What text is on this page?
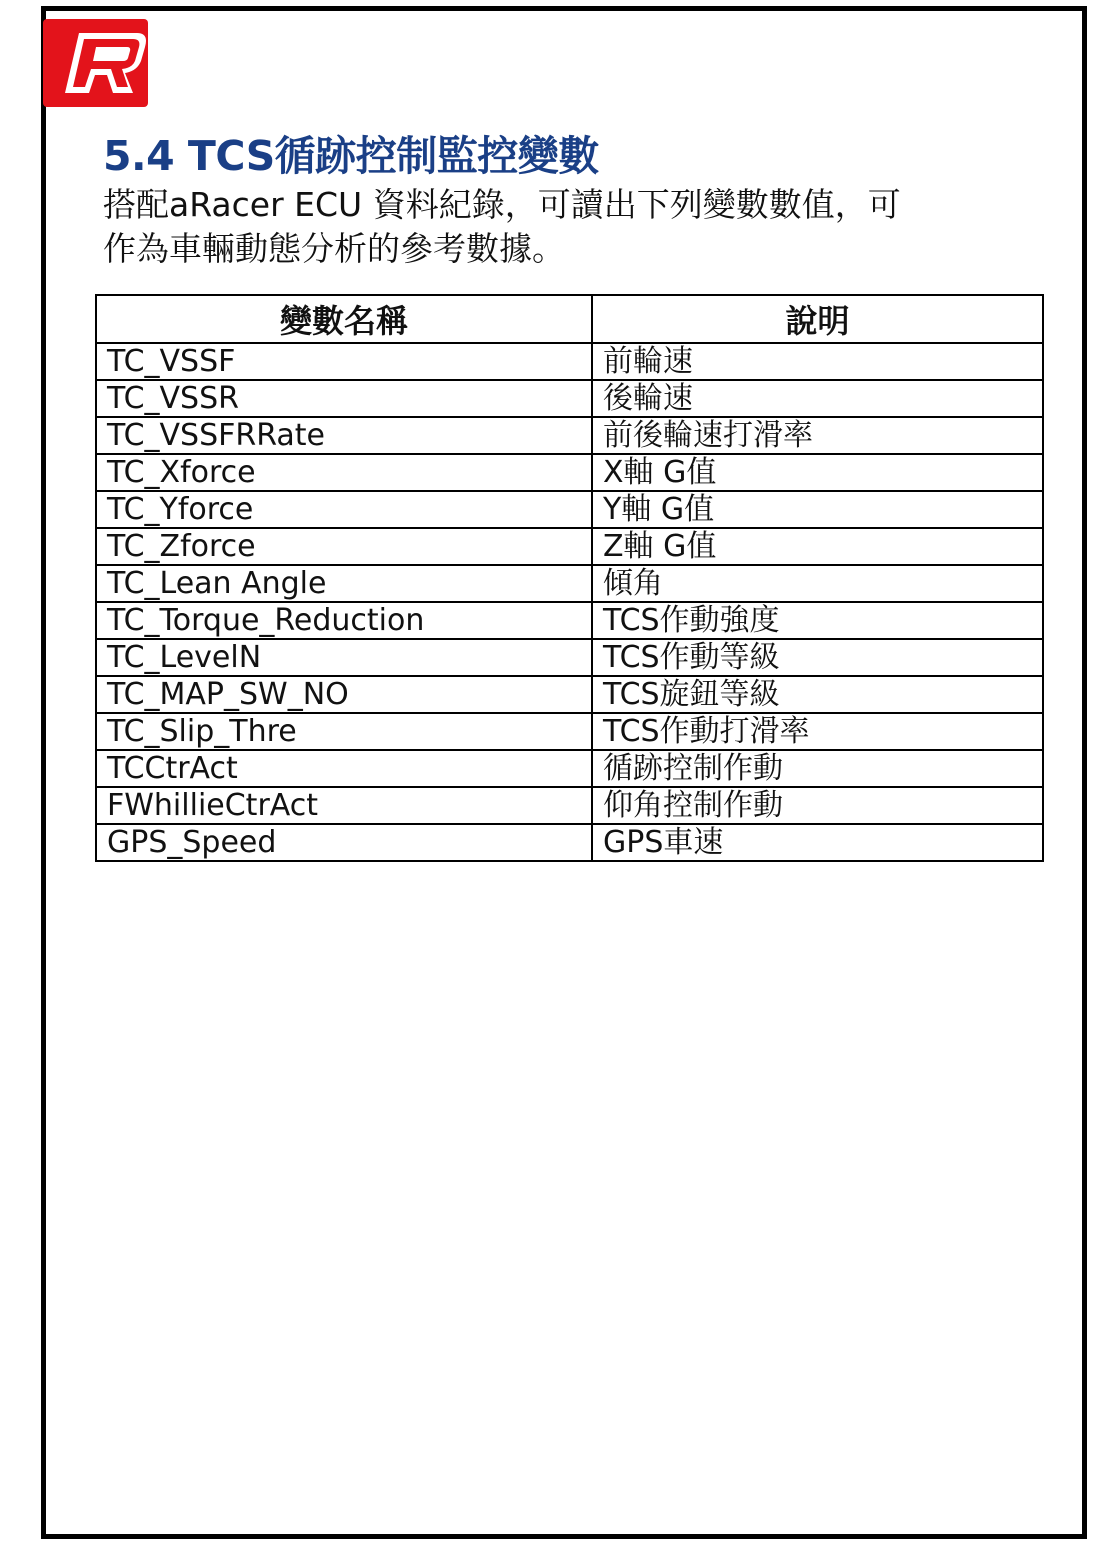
5.4 TCS循跡控制監控變數

搭配aRacer ECU 資料紀錄，可讀出下列變數數值，可
作為車輛動態分析的參考數據。

變數名稱	說明
TC_VSSF	前輪速
TC_VSSR	後輪速
TC_VSSFRRate	前後輪速打滑率
TC_Xforce	X軸 G值
TC_Yforce	Y軸 G值
TC_Zforce	Z軸 G值
TC_Lean Angle	傾角
TC_Torque_Reduction	TCS作動強度
TC_LevelN	TCS作動等級
TC_MAP_SW_NO	TCS旋鈕等級
TC_Slip_Thre	TCS作動打滑率
TCCtrAct	循跡控制作動
FWhillieCtrAct	仰角控制作動
GPS_Speed	GPS車速
